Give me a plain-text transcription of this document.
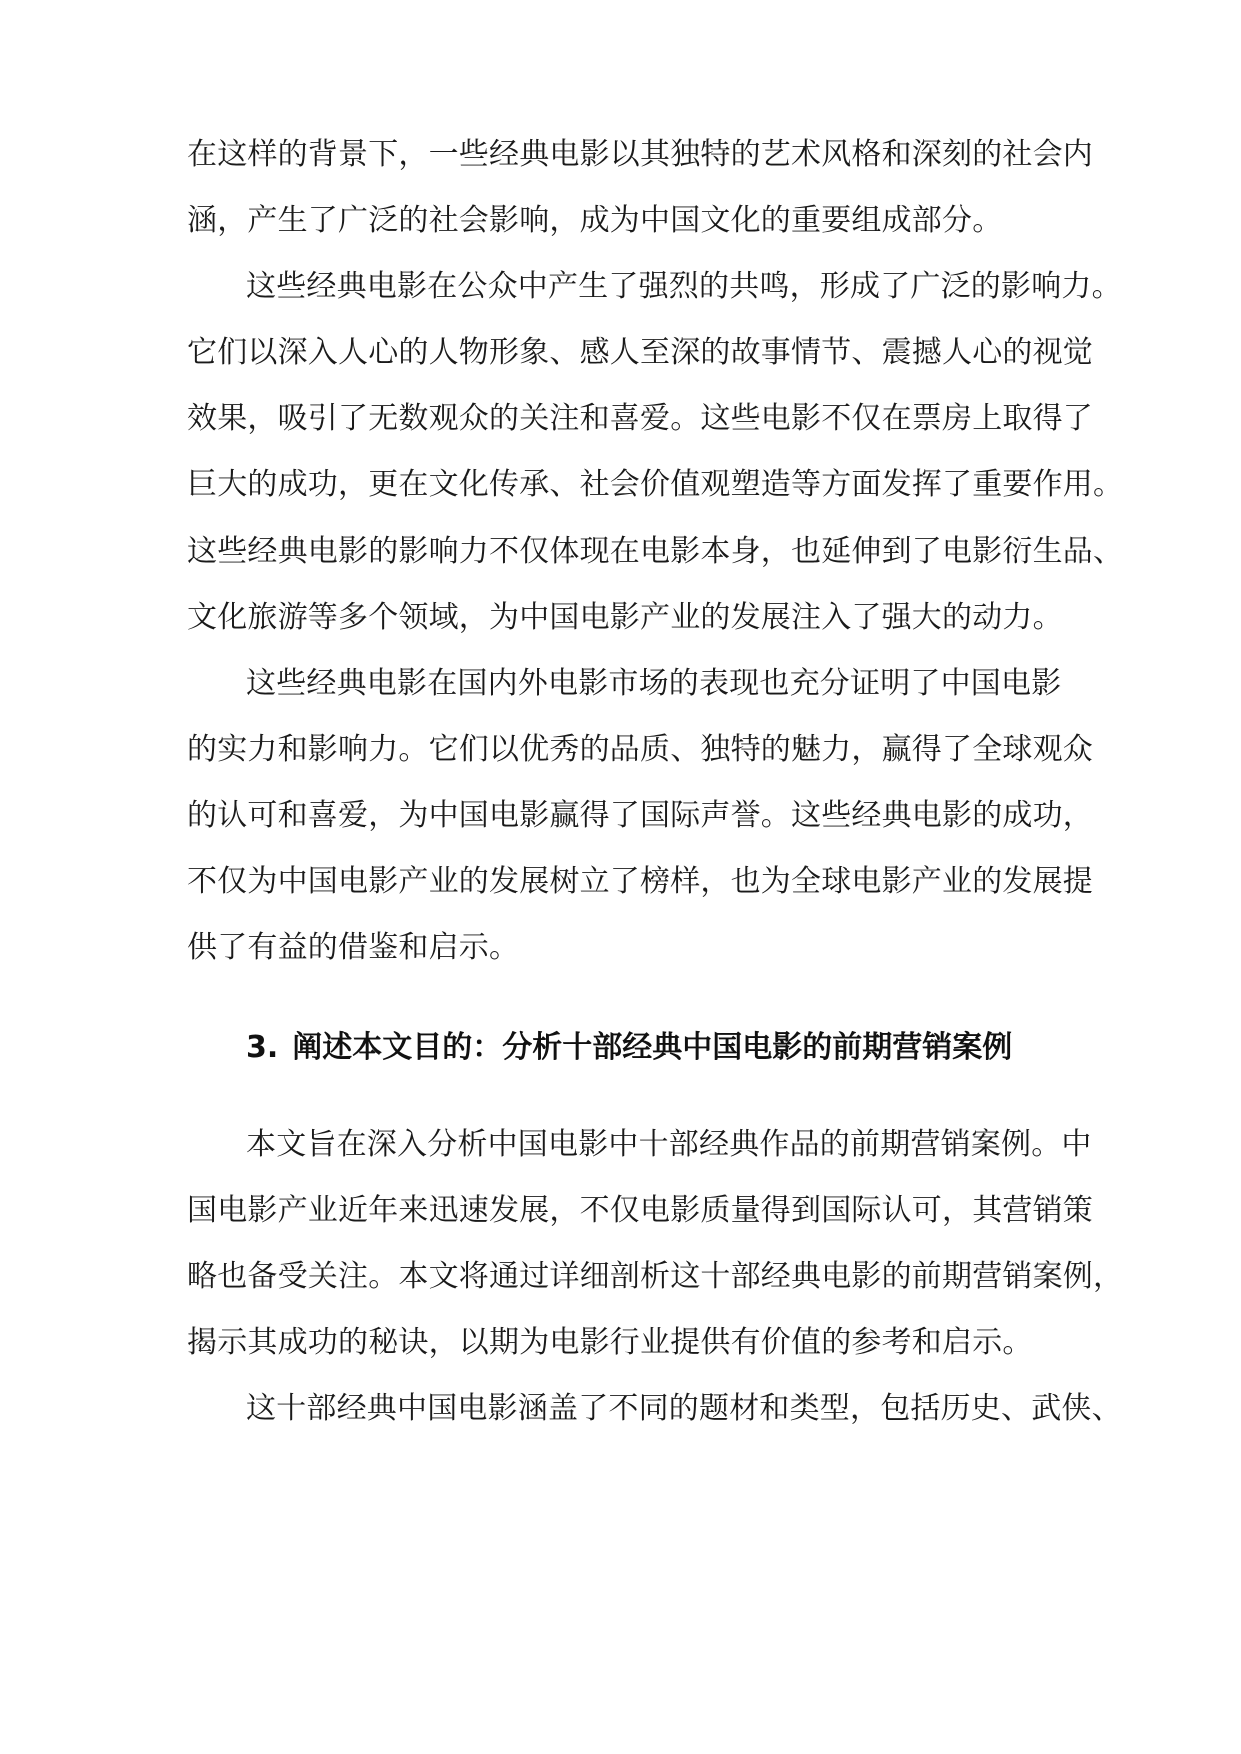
在这样的背景下，一些经典电影以其独特的艺术风格和深刻的社会内
涵，产生了广泛的社会影响，成为中国文化的重要组成部分。
这些经典电影在公众中产生了强烈的共鸣，形成了广泛的影响力。
它们以深入人心的人物形象、感人至深的故事情节、震撼人心的视觉
效果，吸引了无数观众的关注和喜爱。这些电影不仅在票房上取得了
巨大的成功，更在文化传承、社会价值观塑造等方面发挥了重要作用。
这些经典电影的影响力不仅体现在电影本身，也延伸到了电影衍生品、
文化旅游等多个领域，为中国电影产业的发展注入了强大的动力。
这些经典电影在国内外电影市场的表现也充分证明了中国电影
的实力和影响力。它们以优秀的品质、独特的魅力，赢得了全球观众
的认可和喜爱，为中国电影赢得了国际声誉。这些经典电影的成功，
不仅为中国电影产业的发展树立了榜样，也为全球电影产业的发展提
供了有益的借鉴和启示。
3. 阐述本文目的：分析十部经典中国电影的前期营销案例
本文旨在深入分析中国电影中十部经典作品的前期营销案例。中
国电影产业近年来迅速发展，不仅电影质量得到国际认可，其营销策
略也备受关注。本文将通过详细剖析这十部经典电影的前期营销案例，
揭示其成功的秘诀，以期为电影行业提供有价值的参考和启示。
这十部经典中国电影涵盖了不同的题材和类型，包括历史、武侠、
